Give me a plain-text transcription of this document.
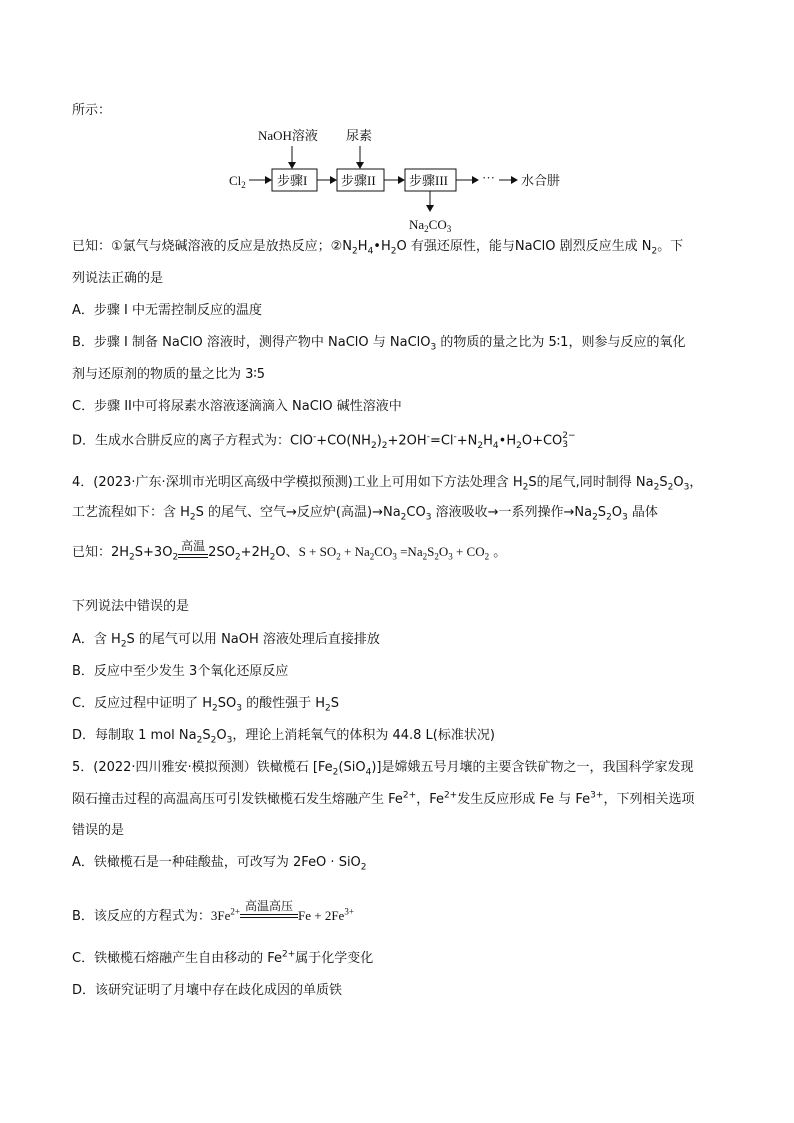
所示：
NaOH溶液 尿素
$Cl_2$ 步骤I	步骤II	步骤III	··· 水合肼
$Na_2CO_3$
已知：①氯气与烧碱溶液的反应是放热反应；$②N_2H_4•H_2O$ 有强还原性，能与NaClO 剧烈反应生成 $N_2$。下
列说法正确的是
A．步骤 I 中无需控制反应的温度
B．步骤 I 制备 NaClO 溶液时，测得产物中 NaClO 与 NaClO$_3$ 的物质的量之比为 5∶1，则参与反应的氧化
剂与还原剂的物质的量之比为 3∶5
C．步骤 II中可将尿素水溶液逐滴滴入 NaClO 碱性溶液中
D．生成水合肼反应的离子方程式为：$ClO^-+CO(NH_2)_2+2OH^-=Cl^-+N_2H_4•H_2O+CO$ 2−
3
4．(2023·广东·深圳市光明区高级中学模拟预测)工业上可用如下方法处理含 $H_2S$的尾气,同时制得 $Na_2S_2O_3$，
工艺流程如下：含 $H_2S$ 的尾气、空气→反应炉(高温)$\to Na_2CO_3$ 溶液吸收→一系列操作$\to Na_2S_2O_3$ 晶体
已知：$2H_2S+3O_2$
高温 $2SO_2+2H_2O$、$S + SO_2 + Na_2CO_3 =Na_2S_2O_3 + CO_2$ 。
下列说法中错误的是
A．含 $H_2S$ 的尾气可以用 NaOH 溶液处理后直接排放
B．反应中至少发生 3个氧化还原反应
C．反应过程中证明了 $H_2SO_3$ 的酸性强于 $H_2S$
D．每制取 1 mol $Na_2S_2O_3$，理论上消耗氧气的体积为 44.8 L(标准状况)
5．(2022·四川雅安·模拟预测）铁橄榄石 $[Fe_2(SiO_4)]$是嫦娥五号月壤的主要含铁矿物之一，我国科学家发现
陨石撞击过程的高温高压可引发铁橄榄石发生熔融产生 $Fe^{2+}$，$Fe^{2+}$发生反应形成 Fe 与 $Fe^{3+}$，下列相关选项
错误的是
A．铁橄榄石是一种硅酸盐，可改写为 2FeO · SiO$_2$
B．该反应的方程式为：$3Fe^{2+}$ 高温高压
$Fe + 2Fe^{3+}$
C．铁橄榄石熔融产生自由移动的 $Fe^{2+}$属于化学变化
D．该研究证明了月壤中存在歧化成因的单质铁
